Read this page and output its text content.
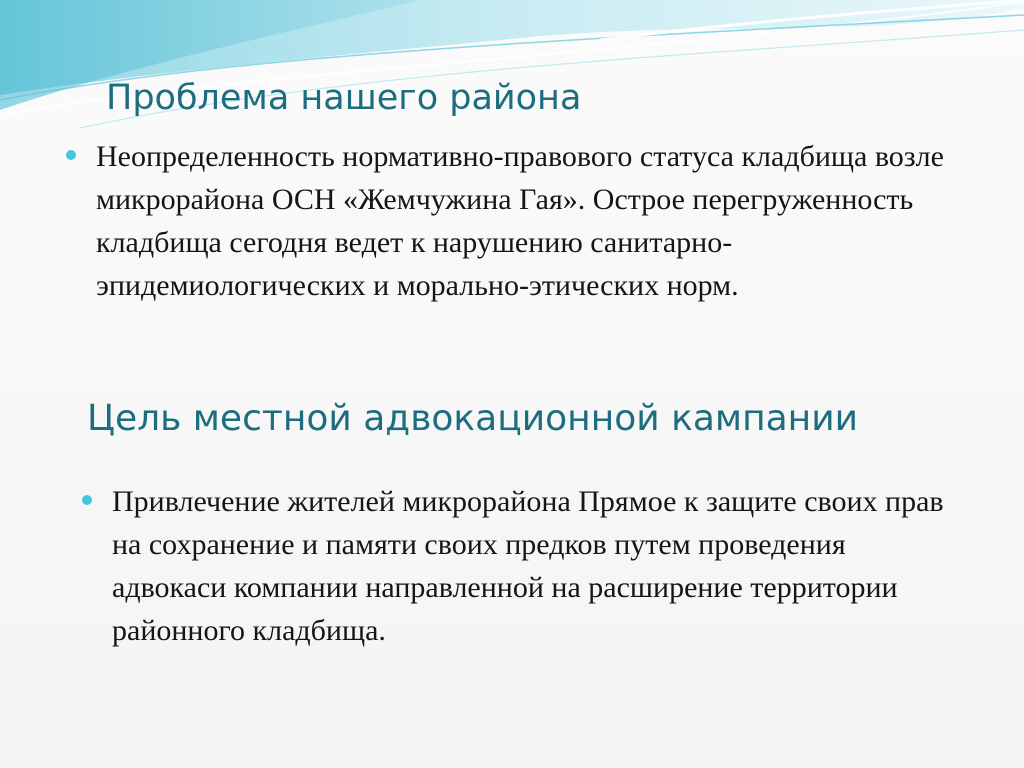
Проблема нашего района

Неопределенность нормативно-правового статуса кладбища возле микрорайона ОСН «Жемчужина Гая». Острое перегруженность кладбища сегодня ведет к нарушению санитарно-эпидемиологических и морально-этических норм.

Цель местной адвокационной кампании

Привлечение жителей микрорайона Прямое к защите своих прав на сохранение и памяти своих предков путем проведения адвокаси компании направленной на расширение территории районного кладбища.
